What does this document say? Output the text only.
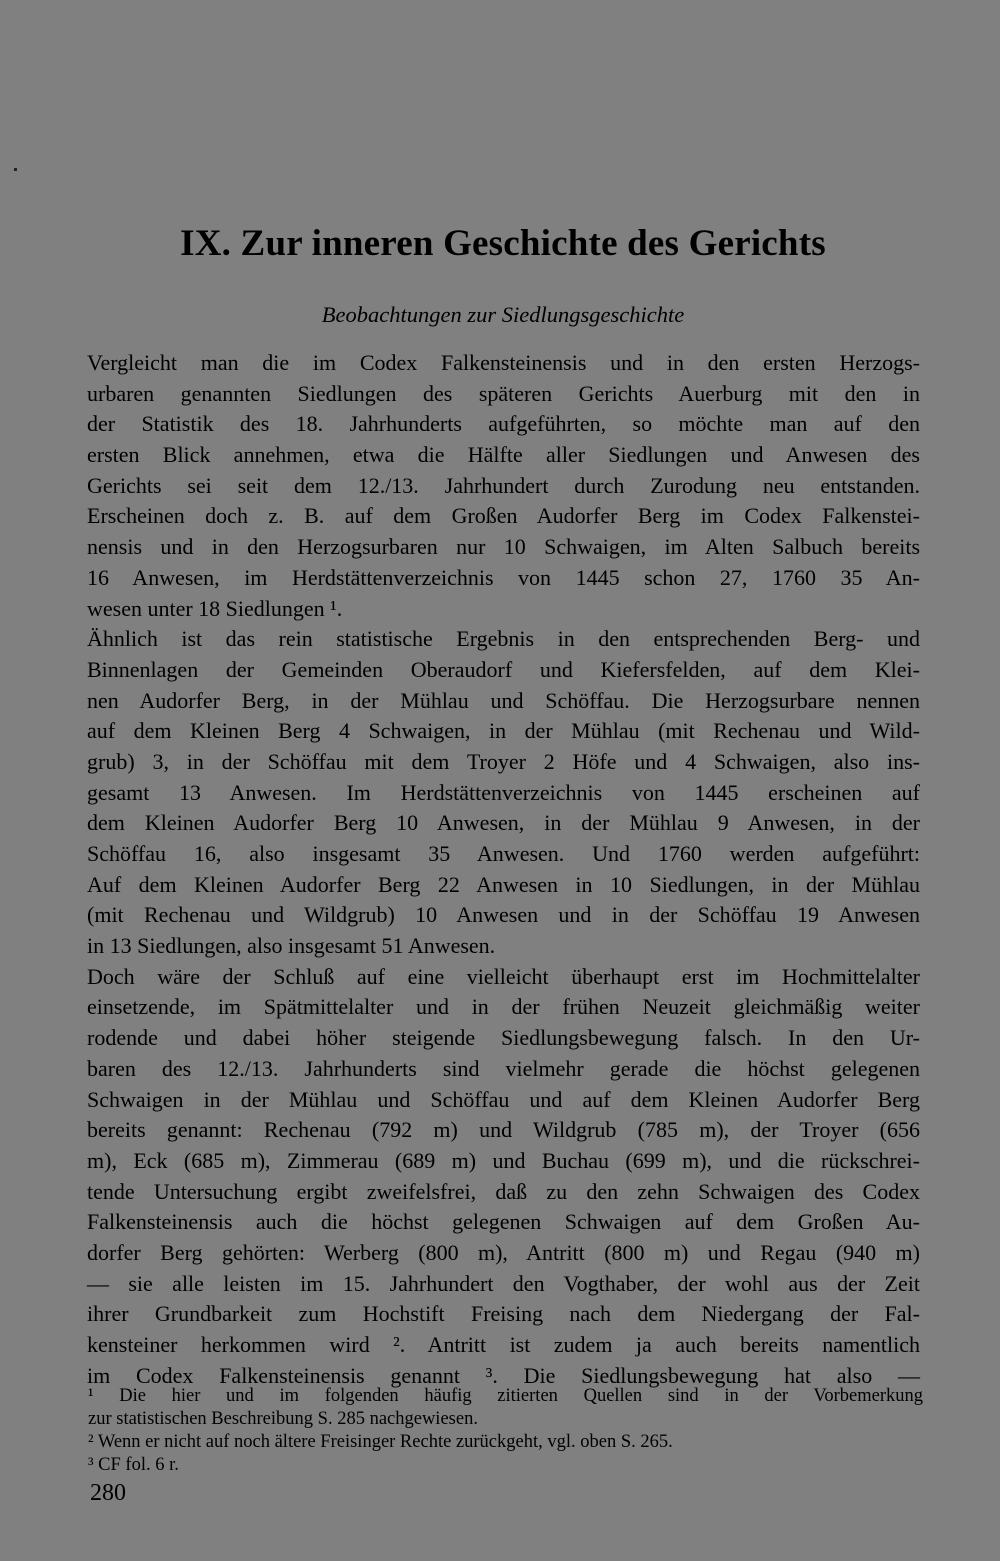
IX. Zur inneren Geschichte des Gerichts
Beobachtungen zur Siedlungsgeschichte
Vergleicht man die im Codex Falkensteinensis und in den ersten Herzogs-
urbaren genannten Siedlungen des späteren Gerichts Auerburg mit den in
der Statistik des 18. Jahrhunderts aufgeführten, so möchte man auf den
ersten Blick annehmen, etwa die Hälfte aller Siedlungen und Anwesen des
Gerichts sei seit dem 12./13. Jahrhundert durch Zurodung neu entstanden.
Erscheinen doch z. B. auf dem Großen Audorfer Berg im Codex Falkenstei-
nensis und in den Herzogsurbaren nur 10 Schwaigen, im Alten Salbuch bereits
16 Anwesen, im Herdstättenverzeichnis von 1445 schon 27, 1760 35 An-
wesen unter 18 Siedlungen ¹.
Ähnlich ist das rein statistische Ergebnis in den entsprechenden Berg- und
Binnenlagen der Gemeinden Oberaudorf und Kiefersfelden, auf dem Klei-
nen Audorfer Berg, in der Mühlau und Schöffau. Die Herzogsurbare nennen
auf dem Kleinen Berg 4 Schwaigen, in der Mühlau (mit Rechenau und Wild-
grub) 3, in der Schöffau mit dem Troyer 2 Höfe und 4 Schwaigen, also ins-
gesamt 13 Anwesen. Im Herdstättenverzeichnis von 1445 erscheinen auf
dem Kleinen Audorfer Berg 10 Anwesen, in der Mühlau 9 Anwesen, in der
Schöffau 16, also insgesamt 35 Anwesen. Und 1760 werden aufgeführt:
Auf dem Kleinen Audorfer Berg 22 Anwesen in 10 Siedlungen, in der Mühlau
(mit Rechenau und Wildgrub) 10 Anwesen und in der Schöffau 19 Anwesen
in 13 Siedlungen, also insgesamt 51 Anwesen.
Doch wäre der Schluß auf eine vielleicht überhaupt erst im Hochmittelalter
einsetzende, im Spätmittelalter und in der frühen Neuzeit gleichmäßig weiter
rodende und dabei höher steigende Siedlungsbewegung falsch. In den Ur-
baren des 12./13. Jahrhunderts sind vielmehr gerade die höchst gelegenen
Schwaigen in der Mühlau und Schöffau und auf dem Kleinen Audorfer Berg
bereits genannt: Rechenau (792 m) und Wildgrub (785 m), der Troyer (656
m), Eck (685 m), Zimmerau (689 m) und Buchau (699 m), und die rückschrei-
tende Untersuchung ergibt zweifelsfrei, daß zu den zehn Schwaigen des Codex
Falkensteinensis auch die höchst gelegenen Schwaigen auf dem Großen Au-
dorfer Berg gehörten: Werberg (800 m), Antritt (800 m) und Regau (940 m)
— sie alle leisten im 15. Jahrhundert den Vogthaber, der wohl aus der Zeit
ihrer Grundbarkeit zum Hochstift Freising nach dem Niedergang der Fal-
kensteiner herkommen wird ². Antritt ist zudem ja auch bereits namentlich
im Codex Falkensteinensis genannt ³. Die Siedlungsbewegung hat also —
¹ Die hier und im folgenden häufig zitierten Quellen sind in der Vorbemerkung
zur statistischen Beschreibung S. 285 nachgewiesen.
² Wenn er nicht auf noch ältere Freisinger Rechte zurückgeht, vgl. oben S. 265.
³ CF fol. 6 r.
280
